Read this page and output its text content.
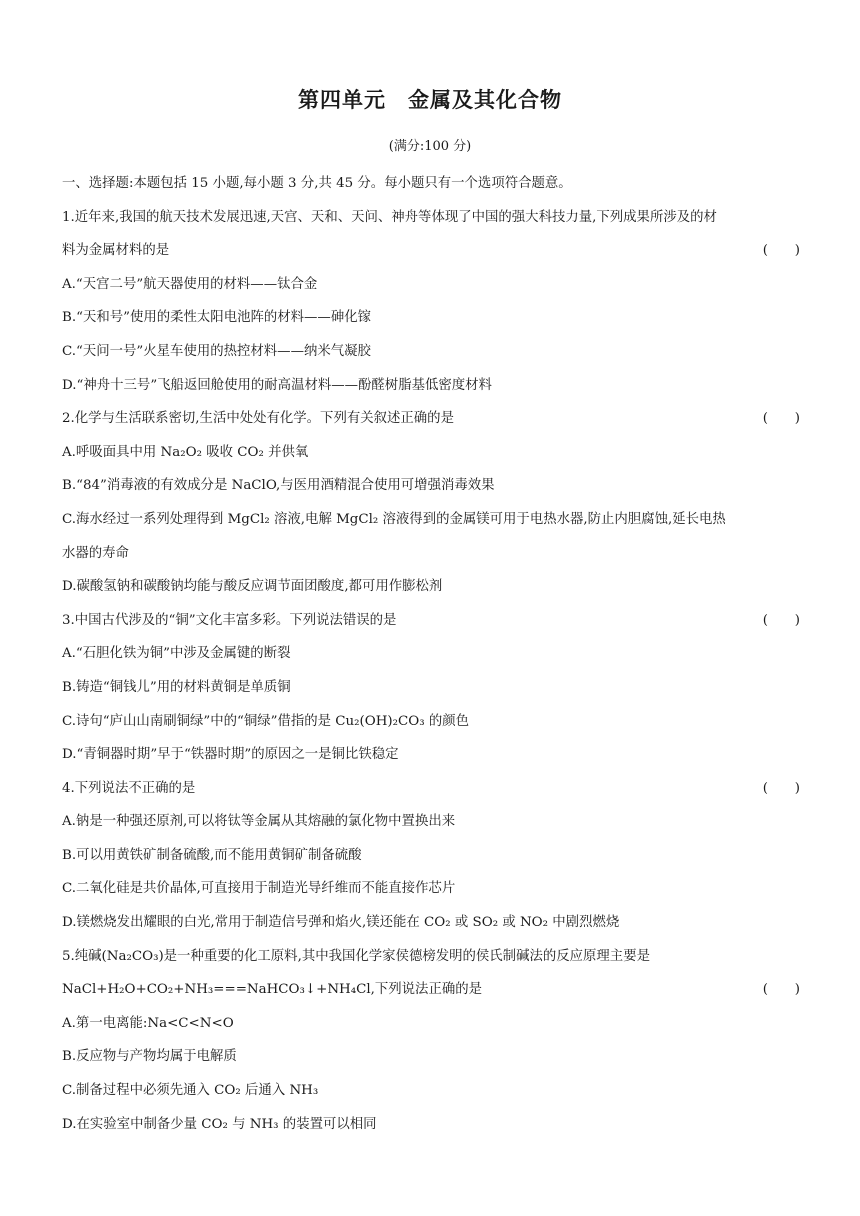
第四单元　金属及其化合物
(满分:100 分)
一、选择题:本题包括 15 小题,每小题 3 分,共 45 分。每小题只有一个选项符合题意。
1.近年来,我国的航天技术发展迅速,天宫、天和、天问、神舟等体现了中国的强大科技力量,下列成果所涉及的材
料为金属材料的是	(　　)
A.“天宫二号”航天器使用的材料——钛合金
B.“天和号”使用的柔性太阳电池阵的材料——砷化镓
C.“天问一号”火星车使用的热控材料——纳米气凝胶
D.“神舟十三号”飞船返回舱使用的耐高温材料——酚醛树脂基低密度材料
2.化学与生活联系密切,生活中处处有化学。下列有关叙述正确的是	(　　)
A.呼吸面具中用 Na₂O₂ 吸收 CO₂ 并供氧
B.“84”消毒液的有效成分是 NaClO,与医用酒精混合使用可增强消毒效果
C.海水经过一系列处理得到 MgCl₂ 溶液,电解 MgCl₂ 溶液得到的金属镁可用于电热水器,防止内胆腐蚀,延长电热
水器的寿命
D.碳酸氢钠和碳酸钠均能与酸反应调节面团酸度,都可用作膨松剂
3.中国古代涉及的“铜”文化丰富多彩。下列说法错误的是	(　　)
A.“石胆化铁为铜”中涉及金属键的断裂
B.铸造“铜钱儿”用的材料黄铜是单质铜
C.诗句“庐山山南刷铜绿”中的“铜绿”借指的是 Cu₂(OH)₂CO₃ 的颜色
D.“青铜器时期”早于“铁器时期”的原因之一是铜比铁稳定
4.下列说法不正确的是	(　　)
A.钠是一种强还原剂,可以将钛等金属从其熔融的氯化物中置换出来
B.可以用黄铁矿制备硫酸,而不能用黄铜矿制备硫酸
C.二氧化硅是共价晶体,可直接用于制造光导纤维而不能直接作芯片
D.镁燃烧发出耀眼的白光,常用于制造信号弹和焰火,镁还能在 CO₂ 或 SO₂ 或 NO₂ 中剧烈燃烧
5.纯碱(Na₂CO₃)是一种重要的化工原料,其中我国化学家侯德榜发明的侯氏制碱法的反应原理主要是
NaCl+H₂O+CO₂+NH₃===NaHCO₃↓+NH₄Cl,下列说法正确的是	(　　)
A.第一电离能:Na<C<N<O
B.反应物与产物均属于电解质
C.制备过程中必须先通入 CO₂ 后通入 NH₃
D.在实验室中制备少量 CO₂ 与 NH₃ 的装置可以相同
